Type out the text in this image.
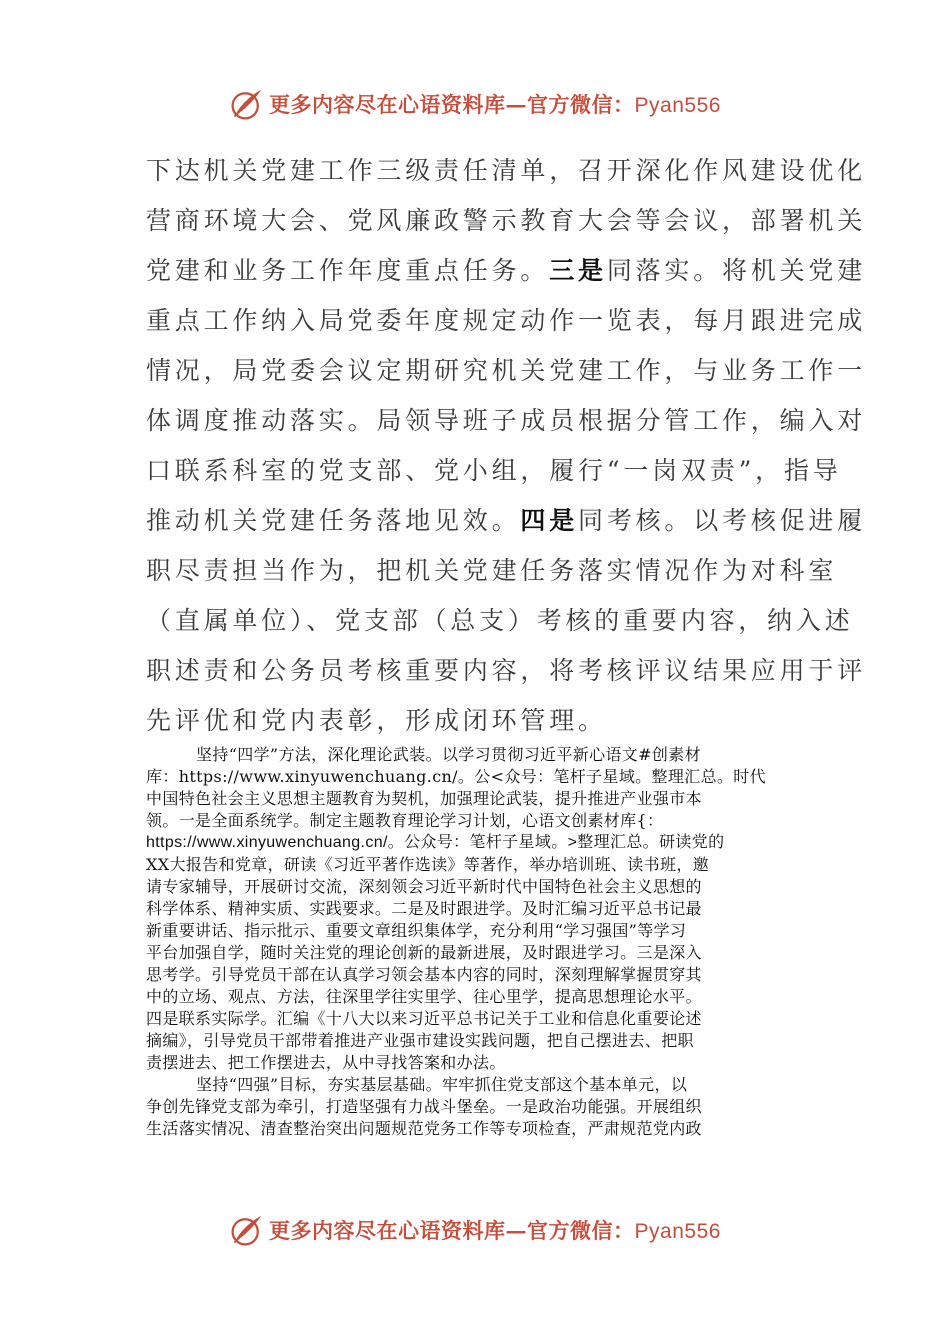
更多内容尽在心语资料库—官方微信：Pyan556
下达机关党建工作三级责任清单，召开深化作风建设优化
营商环境大会、党风廉政警示教育大会等会议，部署机关
党建和业务工作年度重点任务。三是同落实。将机关党建
重点工作纳入局党委年度规定动作一览表，每月跟进完成
情况，局党委会议定期研究机关党建工作，与业务工作一
体调度推动落实。局领导班子成员根据分管工作，编入对
口联系科室的党支部、党小组，履行“一岗双责”，指导
推动机关党建任务落地见效。四是同考核。以考核促进履
职尽责担当作为，把机关党建任务落实情况作为对科室
（直属单位）、党支部（总支）考核的重要内容，纳入述
职述责和公务员考核重要内容，将考核评议结果应用于评
先评优和党内表彰，形成闭环管理。
坚持“四学”方法，深化理论武装。以学习贯彻习近平新心语文#创素材
库：https://www.xinyuwenchuang.cn/。公<众号：笔杆子星域。整理汇总。时代
中国特色社会主义思想主题教育为契机，加强理论武装，提升推进产业强市本
领。一是全面系统学。制定主题教育理论学习计划，心语文创素材库{：
https://www.xinyuwenchuang.cn/。公众号：笔杆子星域。>整理汇总。研读党的
XX大报告和党章，研读《习近平著作选读》等著作，举办培训班、读书班，邀
请专家辅导，开展研讨交流，深刻领会习近平新时代中国特色社会主义思想的
科学体系、精神实质、实践要求。二是及时跟进学。及时汇编习近平总书记最
新重要讲话、指示批示、重要文章组织集体学，充分利用“学习强国”等学习
平台加强自学，随时关注党的理论创新的最新进展，及时跟进学习。三是深入
思考学。引导党员干部在认真学习领会基本内容的同时，深刻理解掌握贯穿其
中的立场、观点、方法，往深里学往实里学、往心里学，提高思想理论水平。
四是联系实际学。汇编《十八大以来习近平总书记关于工业和信息化重要论述
摘编》，引导党员干部带着推进产业强市建设实践问题，把自己摆进去、把职
责摆进去、把工作摆进去，从中寻找答案和办法。
坚持“四强”目标，夯实基层基础。牢牢抓住党支部这个基本单元，以
争创先锋党支部为牵引，打造坚强有力战斗堡垒。一是政治功能强。开展组织
生活落实情况、清查整治突出问题规范党务工作等专项检查，严肃规范党内政
更多内容尽在心语资料库—官方微信：Pyan556
